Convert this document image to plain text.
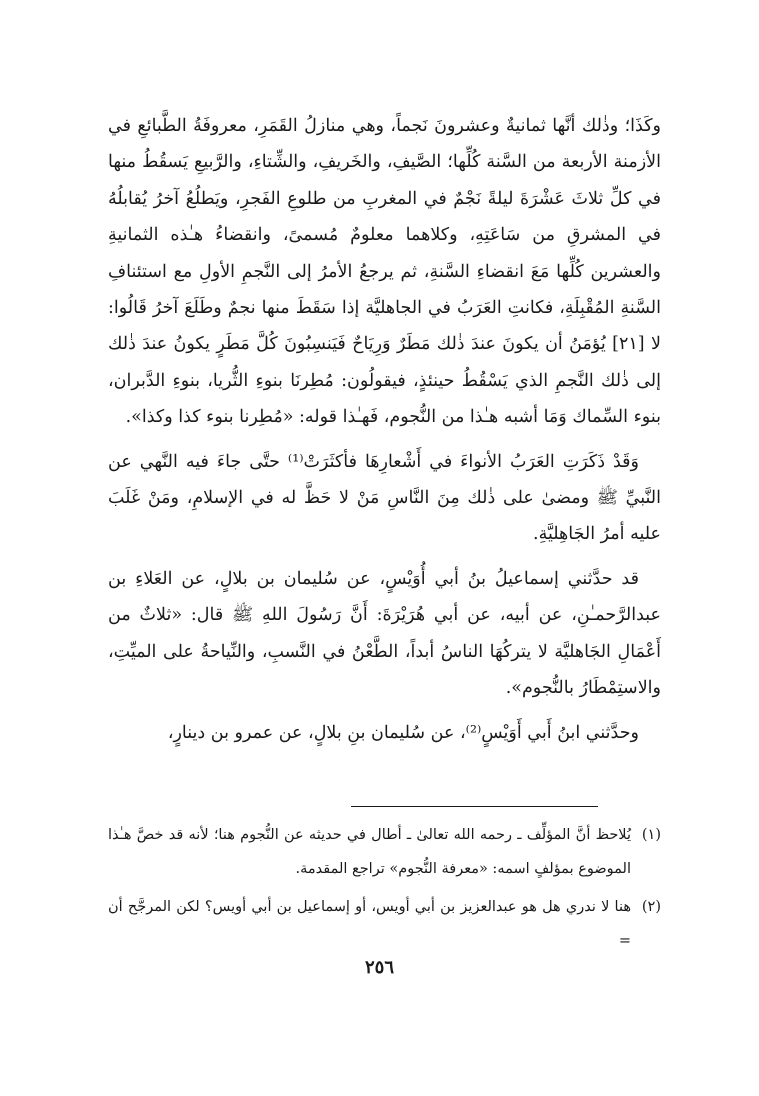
وكَذَا؛ وذٰلك أنَّها ثمانيةٌ وعشرونَ نَجماً، وهي منازلُ القَمَرِ، معروفَةُ الطَّبائعِ في الأزمنة الأربعة من السَّنة كُلِّها؛ الصَّيفِ، والخَريفِ، والشِّتاءِ، والرَّبيعِ يَسقُطُ منها في كلِّ ثلاثَ عَشْرَةَ ليلةً نَجْمٌ في المغربِ من طلوعِ الفَجرِ، ويَطلُعُ آخرُ يُقابلُهُ في المشرقِ من سَاعَتِهِ، وكلاهما معلومٌ مُسمىً، وانقضاءُ هـٰذه الثمانيةِ والعشرين كُلِّها مَعَ انقضاءِ السَّنةِ، ثم يرجعُ الأمرُ إلى النَّجمِ الأولِ مع استئنافِ السَّنةِ المُقْبِلَةِ، فكانتِ العَرَبُ في الجاهليَّة إذا سَقَطَ منها نجمٌ وطَلَعَ آخرُ قَالُوا: لا [٢١] يُؤمَنُ أن يكونَ عندَ ذٰلك مَطَرٌ وَرِيَاحٌ فَيَنسِبُونَ كُلَّ مَطَرٍ يكونُ عندَ ذٰلك إلى ذٰلك النَّجمِ الذي يَسْقُطُ حينئذٍ، فيقولُون: مُطِرنَا بنوءِ الثُّريا، بنوءِ الدَّبران، بنوء السِّماك وَمَا أشبه هـٰذا من النُّجوم، فَهـٰذا قوله: «مُطِرنا بنوء كذا وكذا».

وَقَدْ ذَكَرَتِ العَرَبُ الأنواءَ في أَشْعارِهَا فأكثَرَتْ⁽¹⁾ حتَّى جاءَ فيه النَّهي عن النَّبيِّ ﷺ ومضىٰ على ذٰلك مِنَ النَّاسِ مَنْ لا حَظَّ له في الإسلامِ، ومَنْ غَلَبَ عليه أمرُ الجَاهِليَّةِ.

قد حدَّثني إسماعيلُ بنُ أبي أُوَيْسٍ، عن سُليمان بن بلالٍ، عن العَلاءِ بن عبدالرَّحمـٰنِ، عن أبيه، عن أبي هُرَيْرَةَ: أَنَّ رَسُولَ اللهِ ﷺ قال: «ثلاثٌ من أَعْمَالِ الجَاهليَّة لا يتركُهَا الناسُ أبداً، الطَّعْنُ في النَّسبِ، والنِّياحةُ على الميِّتِ، والاستِمْطَارُ بالنُّجوم».

وحدَّثني ابنُ أَبي أَوَيْسٍ⁽²⁾، عن سُليمان بنِ بلالٍ، عن عمرو بن دينارٍ،

(١)
يُلاحظ أنَّ المؤلِّف ـ رحمه الله تعالىٰ ـ أطال في حديثه عن النُّجوم هنا؛ لأنه قد خصَّ هـٰذا الموضوع بمؤلفٍ اسمه: «معرفة النُّجوم» تراجع المقدمة.

(٢)
هنا لا ندري هل هو عبدالعزيز بن أبي أويس، أو إسماعيل بن أبي أويس؟ لكن المرجَّح أن =

٢٥٦
